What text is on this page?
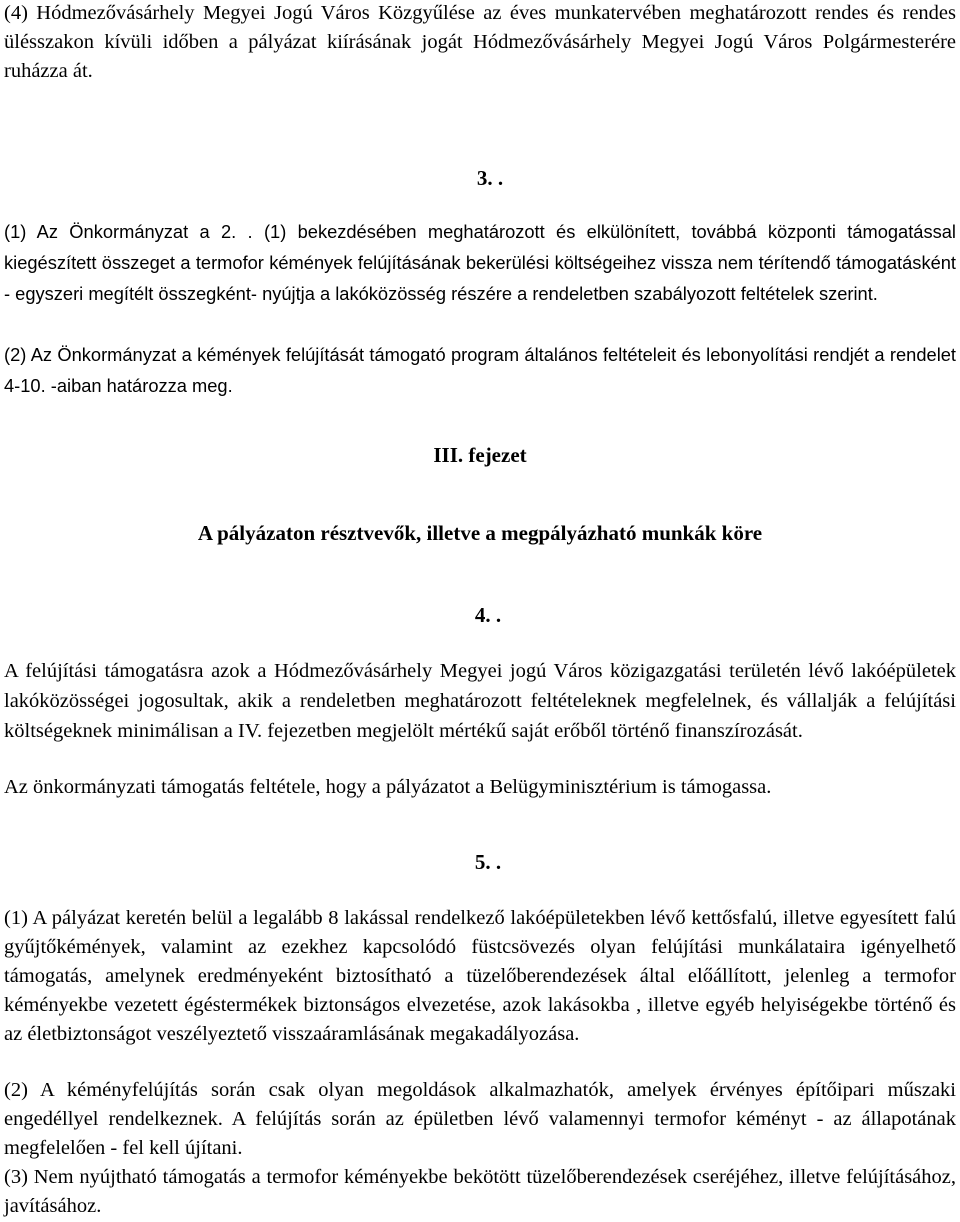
(4) Hódmezővásárhely Megyei Jogú Város Közgyűlése az éves munkatervében meghatározott rendes és rendes ülésszakon kívüli időben a pályázat kiírásának jogát Hódmezővásárhely Megyei Jogú Város Polgármesterére ruházza át.

3. .

(1) Az Önkormányzat a 2. . (1) bekezdésében meghatározott és elkülönített, továbbá központi támogatással kiegészített összeget a termofor kémények felújításának bekerülési költségeihez vissza nem térítendő támogatásként - egyszeri megítélt összegként- nyújtja a lakóközösség részére a rendeletben szabályozott feltételek szerint.

(2) Az Önkormányzat a kémények felújítását támogató program általános feltételeit és lebonyolítási rendjét a rendelet 4-10. -aiban határozza meg.

III. fejezet

A pályázaton résztvevők, illetve a megpályázható munkák köre

4. .

A felújítási támogatásra azok a Hódmezővásárhely Megyei jogú Város közigazgatási területén lévő lakóépületek lakóközösségei jogosultak, akik a rendeletben meghatározott feltételeknek megfelelnek, és vállalják a felújítási költségeknek minimálisan a IV. fejezetben megjelölt mértékű saját erőből történő finanszírozását.

Az önkormányzati támogatás feltétele, hogy a pályázatot a Belügyminisztérium is támogassa.

5. .

(1) A pályázat keretén belül a legalább 8 lakással rendelkező lakóépületekben lévő kettősfalú, illetve egyesített falú gyűjtőkémények, valamint az ezekhez kapcsolódó füstcsövezés olyan felújítási munkálataira igényelhető támogatás, amelynek eredményeként biztosítható a tüzelőberendezések által előállított, jelenleg a termofor kéményekbe vezetett égéstermékek biztonságos elvezetése, azok lakásokba , illetve egyéb helyiségekbe történő és az életbiztonságot veszélyeztető visszaáramlásának megakadályozása.

(2) A kéményfelújítás során csak olyan megoldások alkalmazhatók, amelyek érvényes építőipari műszaki engedéllyel rendelkeznek. A felújítás során az épületben lévő valamennyi termofor kéményt - az állapotának megfelelően - fel kell újítani.

(3) Nem nyújtható támogatás a termofor kéményekbe bekötött tüzelőberendezések cseréjéhez, illetve felújításához, javításához.
